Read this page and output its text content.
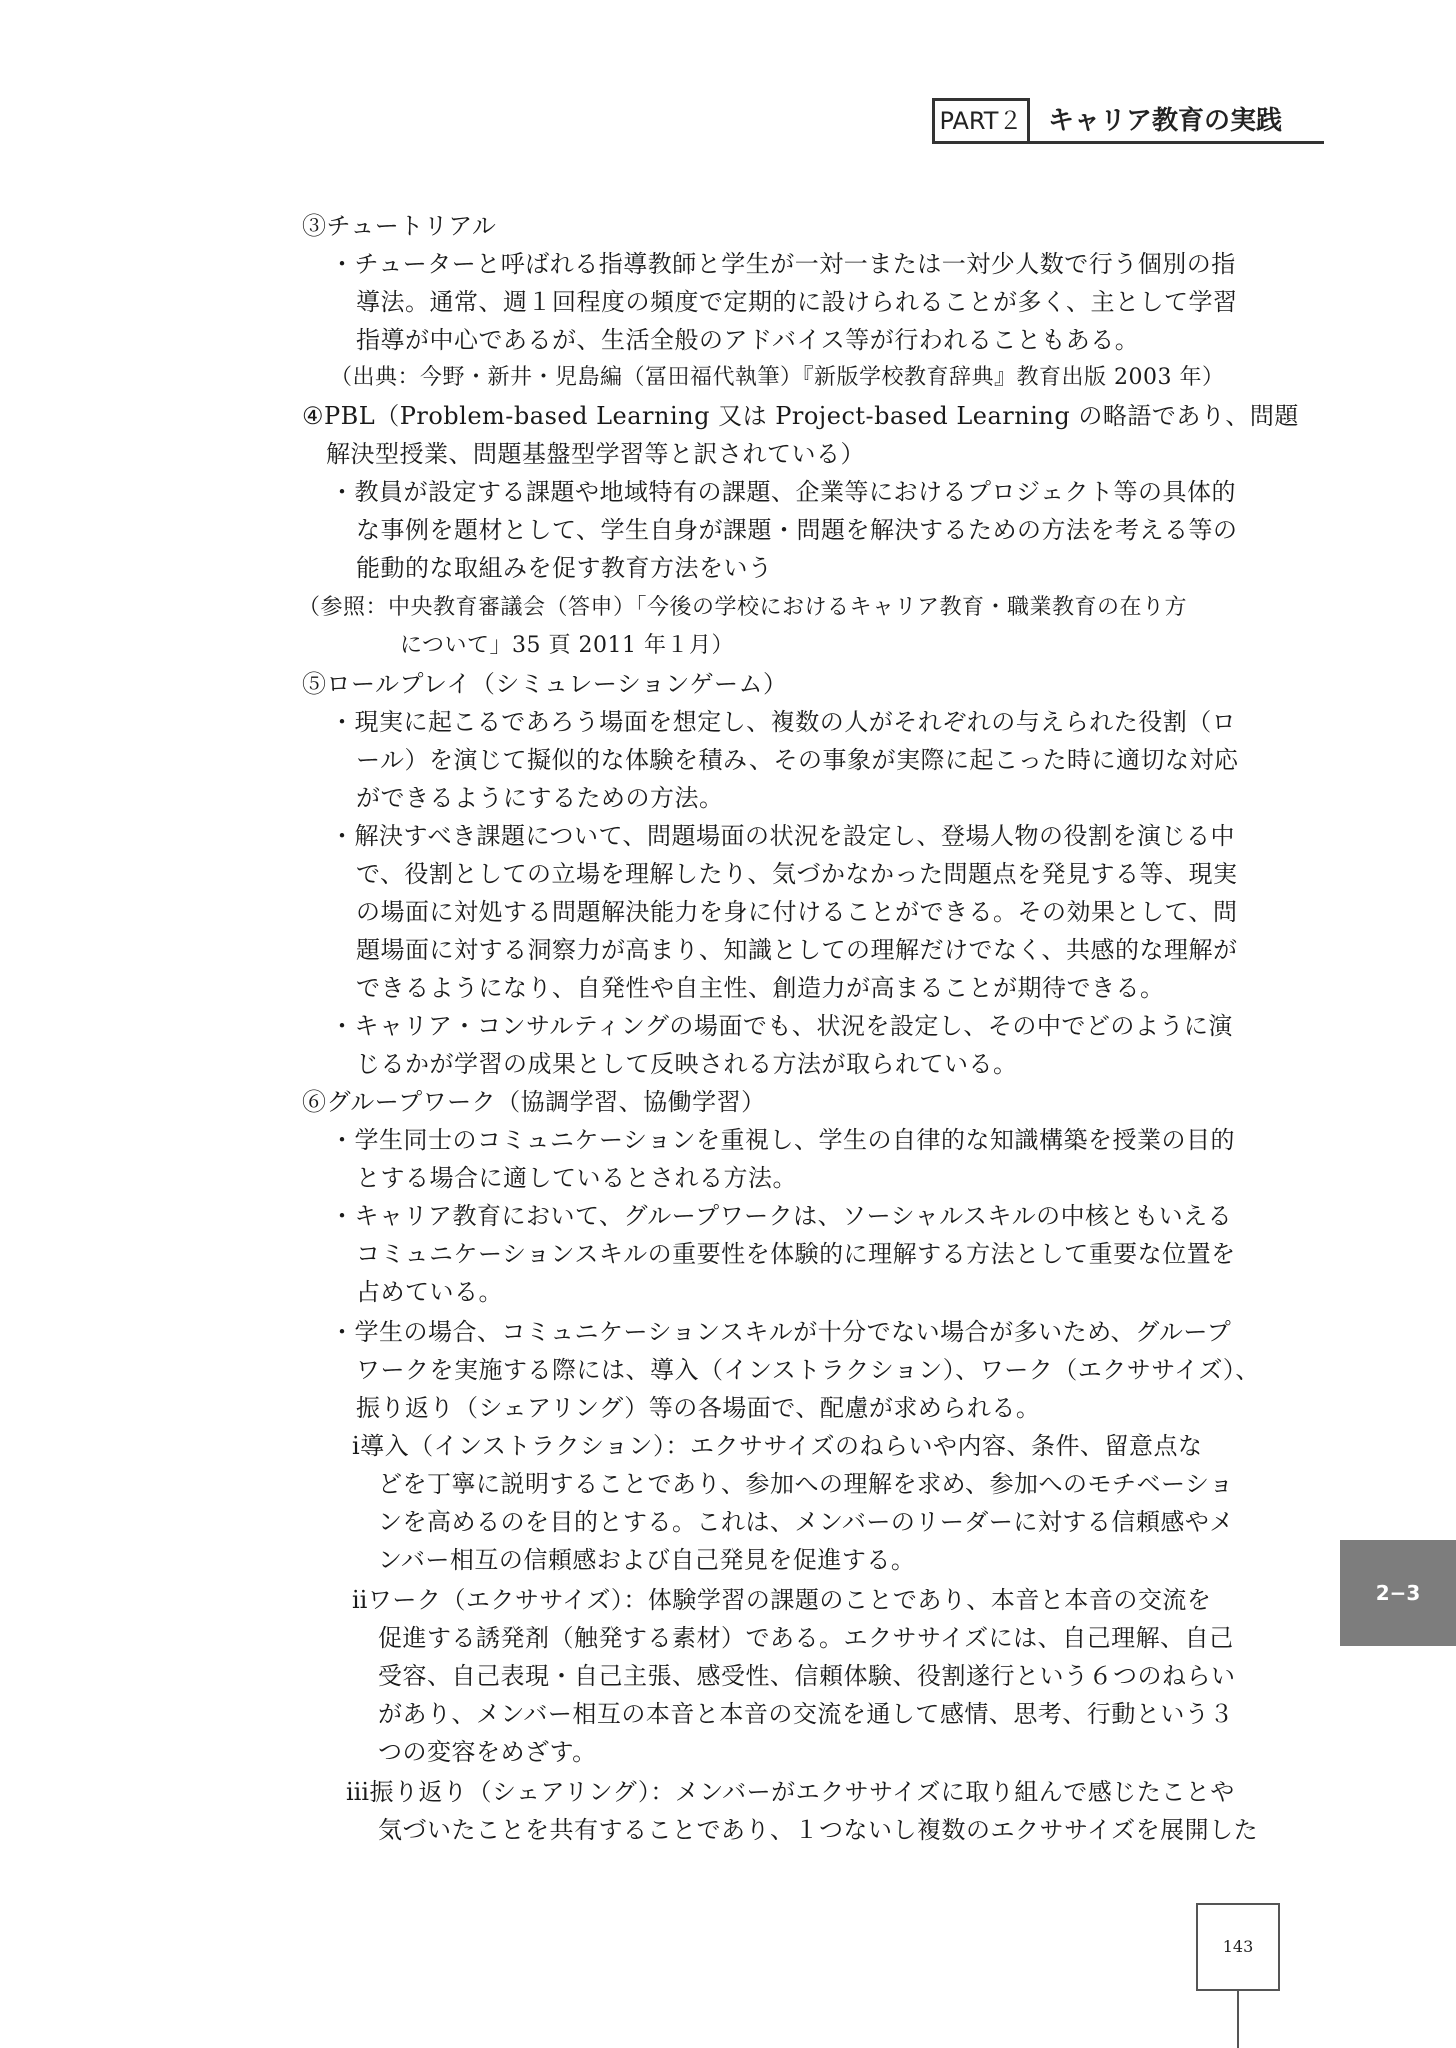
PART２ キャリア教育の実践
③チュートリアル
・チューターと呼ばれる指導教師と学生が一対一または一対少人数で行う個別の指
導法。通常、週１回程度の頻度で定期的に設けられることが多く、主として学習
指導が中心であるが、生活全般のアドバイス等が行われることもある。
（出典：今野・新井・児島編（冨田福代執筆）『新版学校教育辞典』教育出版 2003 年）
④PBL（Problem-based Learning 又は Project-based Learning の略語であり、問題
解決型授業、問題基盤型学習等と訳されている）
・教員が設定する課題や地域特有の課題、企業等におけるプロジェクト等の具体的
な事例を題材として、学生自身が課題・問題を解決するための方法を考える等の
能動的な取組みを促す教育方法をいう
（参照：中央教育審議会（答申）「今後の学校におけるキャリア教育・職業教育の在り方
について」35 頁 2011 年１月）
⑤ロールプレイ（シミュレーションゲーム）
・現実に起こるであろう場面を想定し、複数の人がそれぞれの与えられた役割（ロ
ール）を演じて擬似的な体験を積み、その事象が実際に起こった時に適切な対応
ができるようにするための方法。
・解決すべき課題について、問題場面の状況を設定し、登場人物の役割を演じる中
で、役割としての立場を理解したり、気づかなかった問題点を発見する等、現実
の場面に対処する問題解決能力を身に付けることができる。その効果として、問
題場面に対する洞察力が高まり、知識としての理解だけでなく、共感的な理解が
できるようになり、自発性や自主性、創造力が高まることが期待できる。
・キャリア・コンサルティングの場面でも、状況を設定し、その中でどのように演
じるかが学習の成果として反映される方法が取られている。
⑥グループワーク（協調学習、協働学習）
・学生同士のコミュニケーションを重視し、学生の自律的な知識構築を授業の目的
とする場合に適しているとされる方法。
・キャリア教育において、グループワークは、ソーシャルスキルの中核ともいえる
コミュニケーションスキルの重要性を体験的に理解する方法として重要な位置を
占めている。
・学生の場合、コミュニケーションスキルが十分でない場合が多いため、グループ
ワークを実施する際には、導入（インストラクション）、ワーク（エクササイズ）、
振り返り（シェアリング）等の各場面で、配慮が求められる。
ⅰ導入（インストラクション）：エクササイズのねらいや内容、条件、留意点な
どを丁寧に説明することであり、参加への理解を求め、参加へのモチベーショ
ンを高めるのを目的とする。これは、メンバーのリーダーに対する信頼感やメ
ンバー相互の信頼感および自己発見を促進する。
ⅱワーク（エクササイズ）：体験学習の課題のことであり、本音と本音の交流を
促進する誘発剤（触発する素材）である。エクササイズには、自己理解、自己
受容、自己表現・自己主張、感受性、信頼体験、役割遂行という６つのねらい
があり、メンバー相互の本音と本音の交流を通して感情、思考、行動という３
つの変容をめざす。
ⅲ振り返り（シェアリング）：メンバーがエクササイズに取り組んで感じたことや
気づいたことを共有することであり、１つないし複数のエクササイズを展開した
2−3
143
